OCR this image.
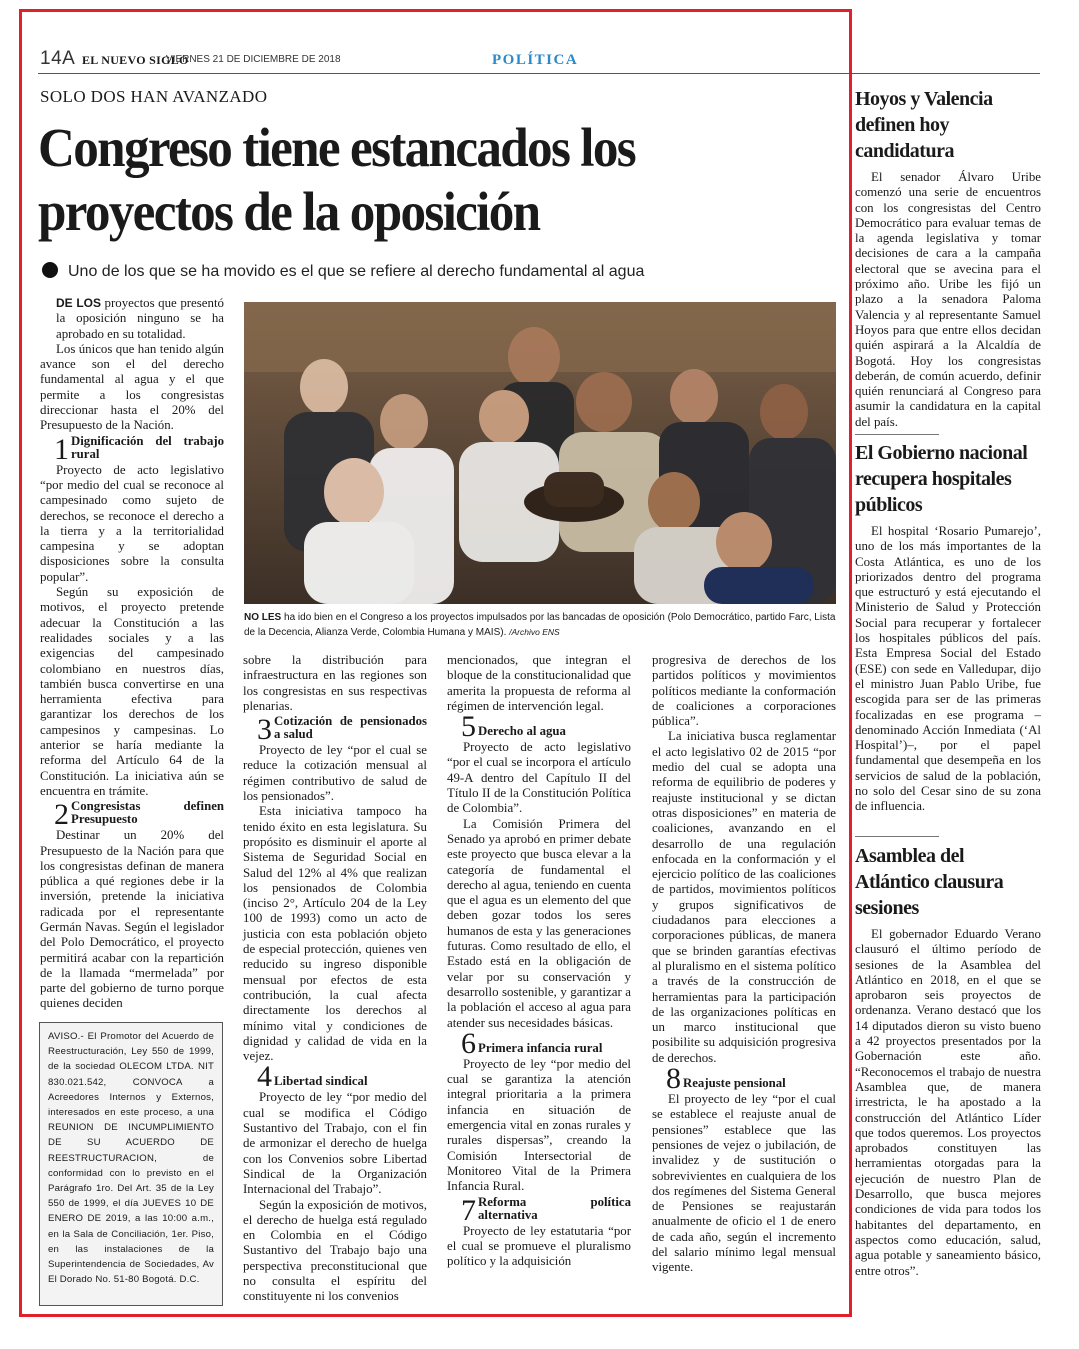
14A EL NUEVO SIGLO
VIERNES 21 DE DICIEMBRE DE 2018	POLÍTICA
SOLO DOS HAN AVANZADO
Congreso tiene estancados los proyectos de la oposición
Uno de los que se ha movido es el que se refiere al derecho fundamental al agua

DE LOS proyectos que presentó la oposición ninguno se ha aprobado en su totalidad.

Los únicos que han tenido algún avance son el del derecho fundamental al agua y el que permite a los congresistas direccionar hasta el 20% del Presupuesto de la Nación.

1 Dignificación del trabajo rural

Proyecto de acto legislativo “por medio del cual se reconoce al campesinado como sujeto de derechos, se reconoce el derecho a la tierra y a la territorialidad campesina y se adoptan disposiciones sobre la consulta popular”.

Según su exposición de motivos, el proyecto pretende adecuar la Constitución a las realidades sociales y a las exigencias del campesinado colombiano en nuestros días, también busca convertirse en una herramienta efectiva para garantizar los derechos de los campesinos y campesinas. Lo anterior se haría mediante la reforma del Artículo 64 de la Constitución. La iniciativa aún se encuentra en trámite.

2 Congresistas definen Presupuesto

Destinar un 20% del Presupuesto de la Nación para que los congresistas definan de manera pública a qué regiones debe ir la inversión, pretende la iniciativa radicada por el representante Germán Navas. Según el legislador del Polo Democrático, el proyecto permitirá acabar con la repartición de la llamada “mermelada” por parte del gobierno de turno porque quienes deciden

NO LES ha ido bien en el Congreso a los proyectos impulsados por las bancadas de oposición (Polo Democrático, partido Farc, Lista de la Decencia, Alianza Verde, Colombia Humana y MAIS). /Archivo ENS

sobre la distribución para infraestructura en las regiones son los congresistas en sus respectivas plenarias.

3 Cotización de pensionados a salud

Proyecto de ley “por el cual se reduce la cotización mensual al régimen contributivo de salud de los pensionados”.

Esta iniciativa tampoco ha tenido éxito en esta legislatura. Su propósito es disminuir el aporte al Sistema de Seguridad Social en Salud del 12% al 4% que realizan los pensionados de Colombia (inciso 2°, Artículo 204 de la Ley 100 de 1993) como un acto de justicia con esta población objeto de especial protección, quienes ven reducido su ingreso disponible mensual por efectos de esta contribución, la cual afecta directamente los derechos al mínimo vital y condiciones de dignidad y calidad de vida en la vejez.

4 Libertad sindical

Proyecto de ley “por medio del cual se modifica el Código Sustantivo del Trabajo, con el fin de armonizar el derecho de huelga con los Convenios sobre Libertad Sindical de la Organización Internacional del Trabajo”.

Según la exposición de motivos, el derecho de huelga está regulado en Colombia en el Código Sustantivo del Trabajo bajo una perspectiva preconstitucional que no consulta el espíritu del constituyente ni los convenios

mencionados, que integran el bloque de la constitucionalidad que amerita la propuesta de reforma al régimen de intervención legal.

5 Derecho al agua

Proyecto de acto legislativo “por el cual se incorpora el artículo 49-A dentro del Capítulo II del Título II de la Constitución Política de Colombia”.

La Comisión Primera del Senado ya aprobó en primer debate este proyecto que busca elevar a la categoría de fundamental el derecho al agua, teniendo en cuenta que el agua es un elemento del que deben gozar todos los seres humanos de esta y las generaciones futuras. Como resultado de ello, el Estado está en la obligación de velar por su conservación y desarrollo sostenible, y garantizar a la población el acceso al agua para atender sus necesidades básicas.

6 Primera infancia rural

Proyecto de ley “por medio del cual se garantiza la atención integral prioritaria a la primera infancia en situación de emergencia vital en zonas rurales y rurales dispersas”, creando la Comisión Intersectorial de Monitoreo Vital de la Primera Infancia Rural.

7 Reforma política alternativa

Proyecto de ley estatutaria “por el cual se promueve el pluralismo político y la adquisición

progresiva de derechos de los partidos políticos y movimientos políticos mediante la conformación de coaliciones a corporaciones pública”.

La iniciativa busca reglamentar el acto legislativo 02 de 2015 “por medio del cual se adopta una reforma de equilibrio de poderes y reajuste institucional y se dictan otras disposiciones” en materia de coaliciones, avanzando en el desarrollo de una regulación enfocada en la conformación y el ejercicio político de las coaliciones de partidos, movimientos políticos y grupos significativos de ciudadanos para elecciones a corporaciones públicas, de manera que se brinden garantías efectivas al pluralismo en el sistema político a través de la construcción de herramientas para la participación de las organizaciones políticas en un marco institucional que posibilite su adquisición progresiva de derechos.

8 Reajuste pensional

El proyecto de ley “por el cual se establece el reajuste anual de pensiones” establece que las pensiones de vejez o jubilación, de invalidez y de sustitución o sobrevivientes en cualquiera de los dos regímenes del Sistema General de Pensiones se reajustarán anualmente de oficio el 1 de enero de cada año, según el incremento del salario mínimo legal mensual vigente.

AVISO.- El Promotor del Acuerdo de Reestructuración, Ley 550 de 1999, de la sociedad OLECOM LTDA. NIT 830.021.542, CONVOCA a Acreedores Internos y Externos, interesados en este proceso, a una REUNION DE INCUMPLIMIENTO DE SU ACUERDO DE REESTRUCTURACION, de conformidad con lo previsto en el Parágrafo 1ro. Del Art. 35 de la Ley 550 de 1999, el día JUEVES 10 DE ENERO DE 2019, a las 10:00 a.m., en la Sala de Conciliación, 1er. Piso, en las instalaciones de la Superintendencia de Sociedades, Av El Dorado No. 51-80 Bogotá. D.C.
Hoyos y Valencia definen hoy candidatura

El senador Álvaro Uribe comenzó una serie de encuentros con los congresistas del Centro Democrático para evaluar temas de la agenda legislativa y tomar decisiones de cara a la campaña electoral que se avecina para el próximo año. Uribe les fijó un plazo a la senadora Paloma Valencia y al representante Samuel Hoyos para que entre ellos decidan quién aspirará a la Alcaldía de Bogotá. Hoy los congresistas deberán, de común acuerdo, definir quién renunciará al Congreso para asumir la candidatura en la capital del país.

El Gobierno nacional recupera hospitales públicos

El hospital ‘Rosario Pumarejo’, uno de los más importantes de la Costa Atlántica, es uno de los priorizados dentro del programa que estructuró y está ejecutando el Ministerio de Salud y Protección Social para recuperar y fortalecer los hospitales públicos del país. Esta Empresa Social del Estado (ESE) con sede en Valledupar, dijo el ministro Juan Pablo Uribe, fue escogida para ser de las primeras focalizadas en ese programa –denominado Acción Inmediata (‘Al Hospital’)–, por el papel fundamental que desempeña en los servicios de salud de la población, no solo del Cesar sino de su zona de influencia.

Asamblea del Atlántico clausura sesiones

El gobernador Eduardo Verano clausuró el último período de sesiones de la Asamblea del Atlántico en 2018, en el que se aprobaron seis proyectos de ordenanza. Verano destacó que los 14 diputados dieron su visto bueno a 42 proyectos presentados por la Gobernación este año. “Reconocemos el trabajo de nuestra Asamblea que, de manera irrestricta, le ha apostado a la construcción del Atlántico Líder que todos queremos. Los proyectos aprobados constituyen las herramientas otorgadas para la ejecución de nuestro Plan de Desarrollo, que busca mejores condiciones de vida para todos los habitantes del departamento, en aspectos como educación, salud, agua potable y saneamiento básico, entre otros”.
